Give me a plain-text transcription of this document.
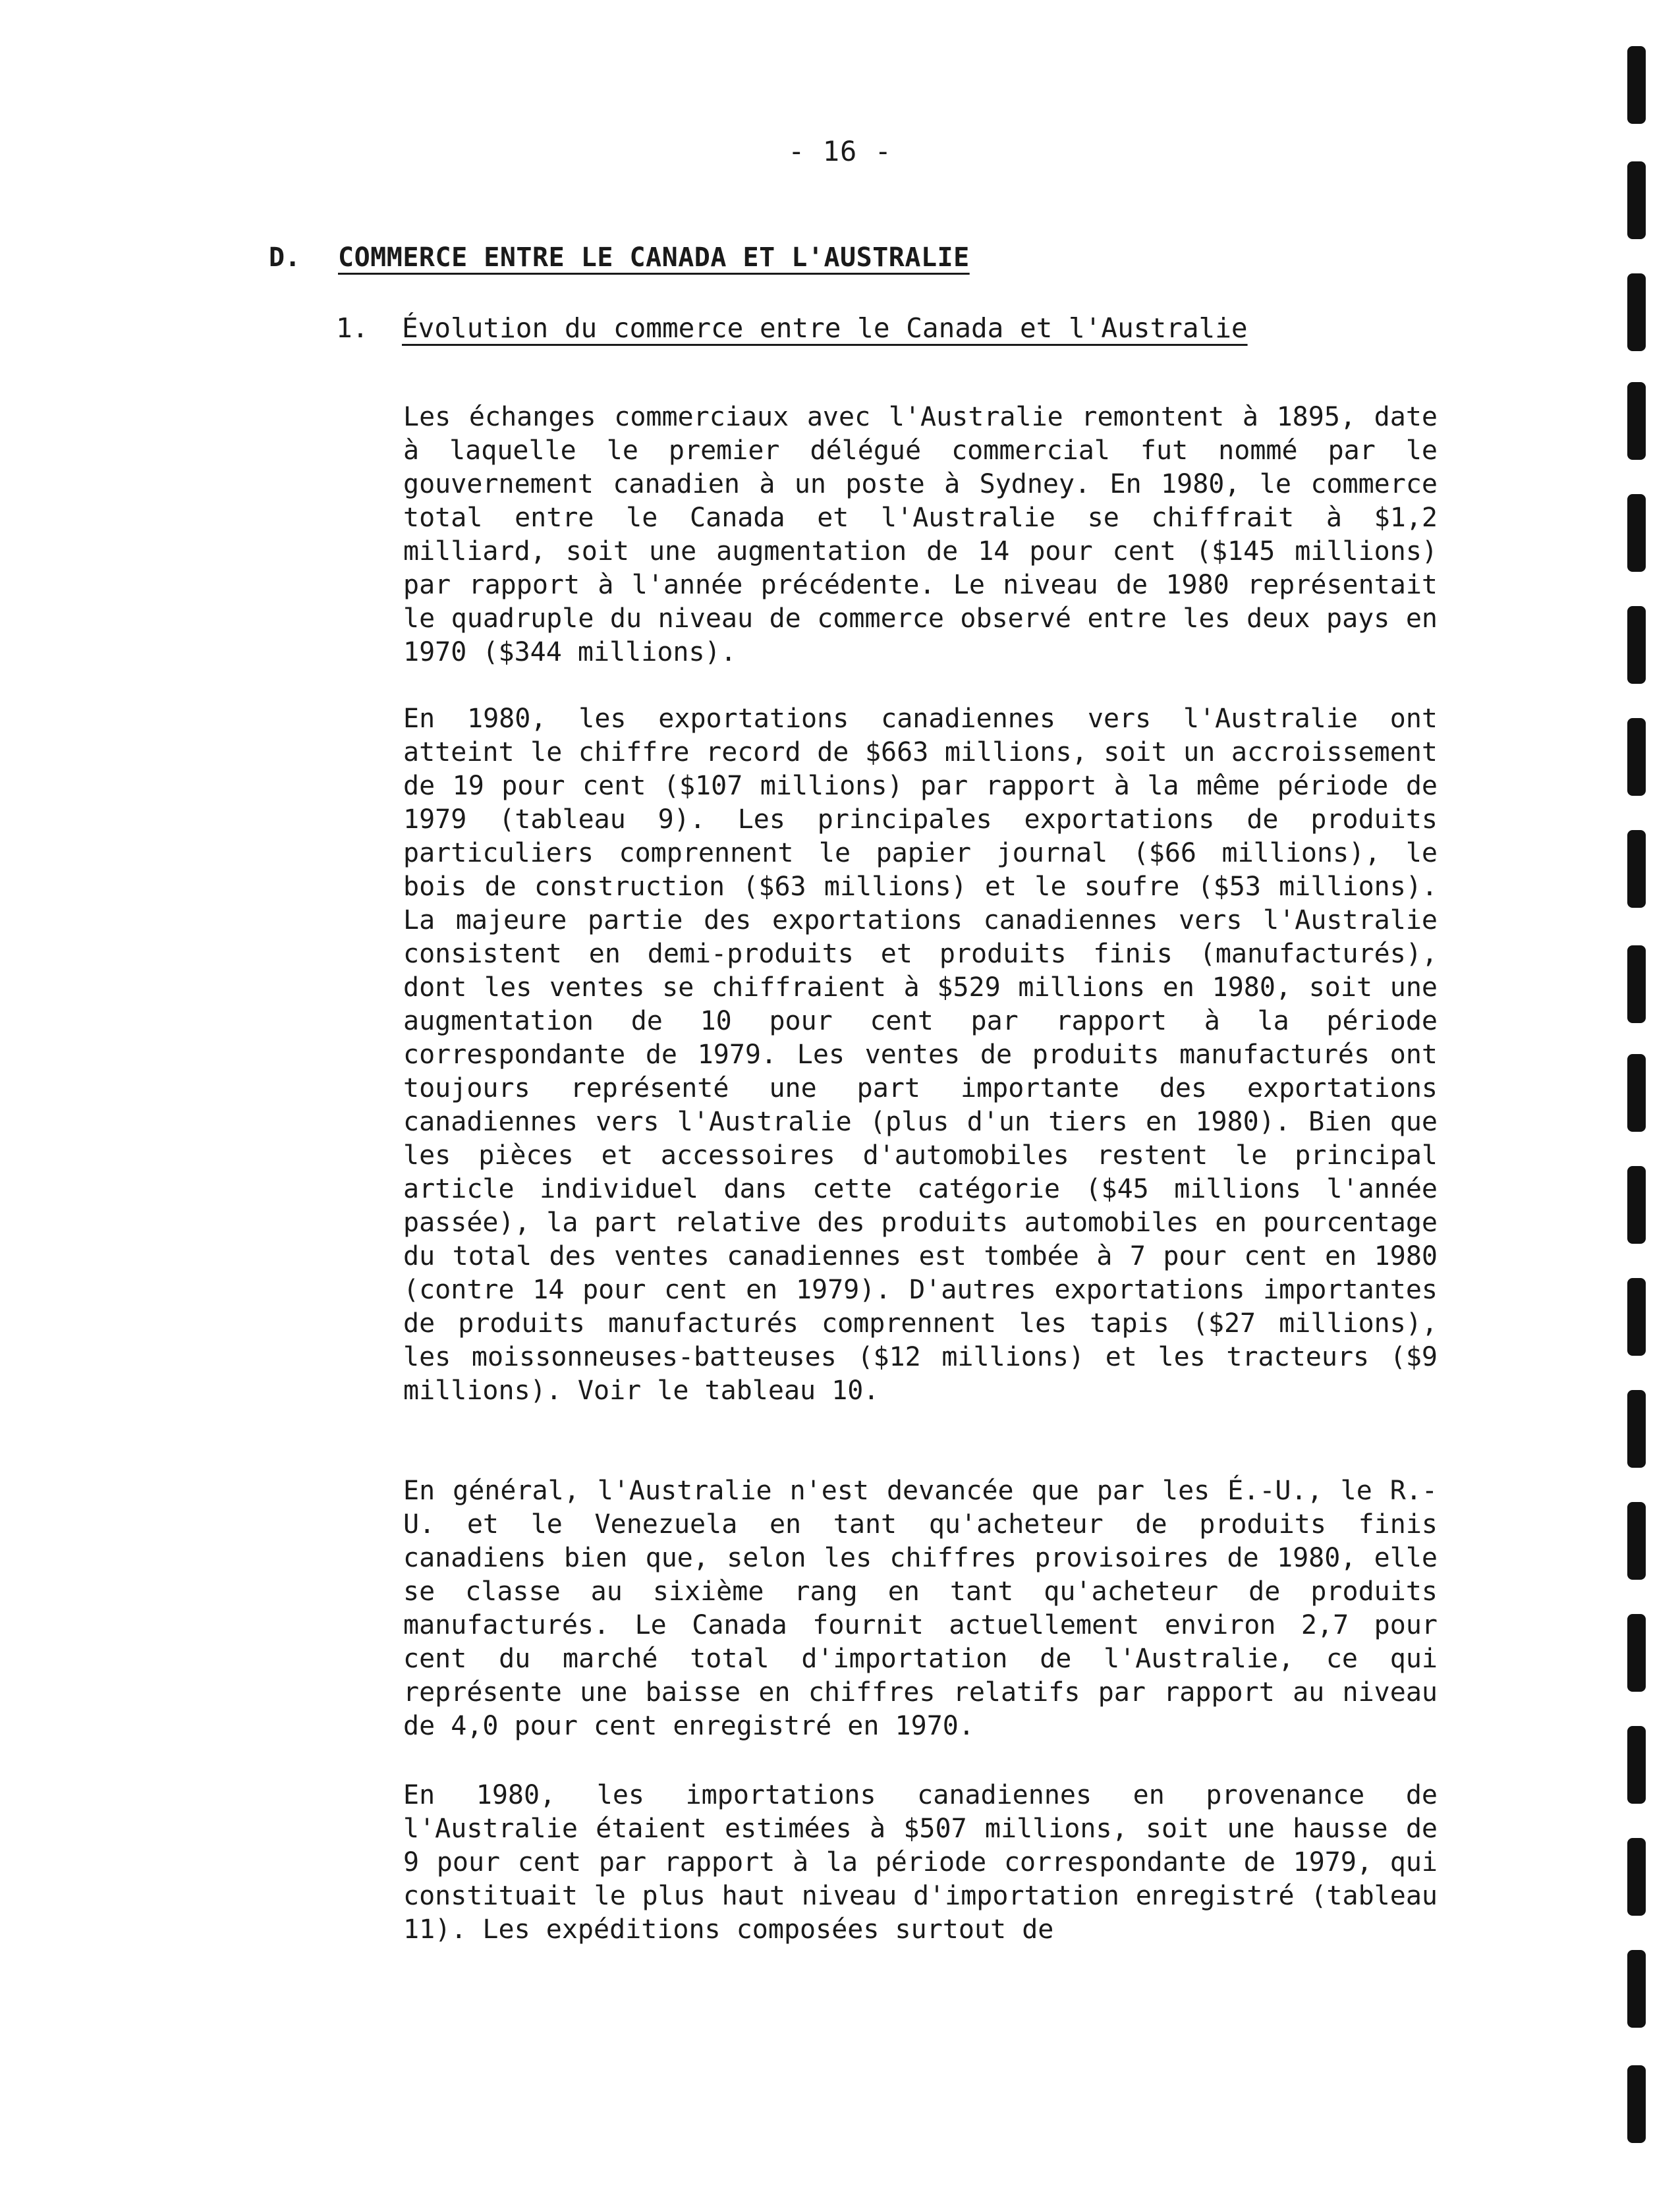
- 16 -
D. COMMERCE ENTRE LE CANADA ET L'AUSTRALIE
1. Évolution du commerce entre le Canada et l'Australie

Les échanges commerciaux avec l'Australie remontent à 1895, date à laquelle le premier délégué commercial fut nommé par le gouvernement canadien à un poste à Sydney. En 1980, le commerce total entre le Canada et l'Australie se chiffrait à $1,2 milliard, soit une augmentation de 14 pour cent ($145 millions) par rapport à l'année précédente. Le niveau de 1980 représentait le quadruple du niveau de commerce observé entre les deux pays en 1970 ($344 millions).

En 1980, les exportations canadiennes vers l'Australie ont atteint le chiffre record de $663 millions, soit un accroissement de 19 pour cent ($107 millions) par rapport à la même période de 1979 (tableau 9). Les principales exportations de produits particuliers comprennent le papier journal ($66 millions), le bois de construction ($63 millions) et le soufre ($53 millions). La majeure partie des exportations canadiennes vers l'Australie consistent en demi-produits et produits finis (manufacturés), dont les ventes se chiffraient à $529 millions en 1980, soit une augmentation de 10 pour cent par rapport à la période correspondante de 1979. Les ventes de produits manufacturés ont toujours représenté une part importante des exportations canadiennes vers l'Australie (plus d'un tiers en 1980). Bien que les pièces et accessoires d'automobiles restent le principal article individuel dans cette catégorie ($45 millions l'année passée), la part relative des produits automobiles en pourcentage du total des ventes canadiennes est tombée à 7 pour cent en 1980 (contre 14 pour cent en 1979). D'autres exportations importantes de produits manufacturés comprennent les tapis ($27 millions), les moissonneuses-batteuses ($12 millions) et les tracteurs ($9 millions). Voir le tableau 10.

En général, l'Australie n'est devancée que par les É.-U., le R.-U. et le Venezuela en tant qu'acheteur de produits finis canadiens bien que, selon les chiffres provisoires de 1980, elle se classe au sixième rang en tant qu'acheteur de produits manufacturés. Le Canada fournit actuellement environ 2,7 pour cent du marché total d'importation de l'Australie, ce qui représente une baisse en chiffres relatifs par rapport au niveau de 4,0 pour cent enregistré en 1970.

En 1980, les importations canadiennes en provenance de l'Australie étaient estimées à $507 millions, soit une hausse de 9 pour cent par rapport à la période correspondante de 1979, qui constituait le plus haut niveau d'importation enregistré (tableau 11). Les expéditions composées surtout de
